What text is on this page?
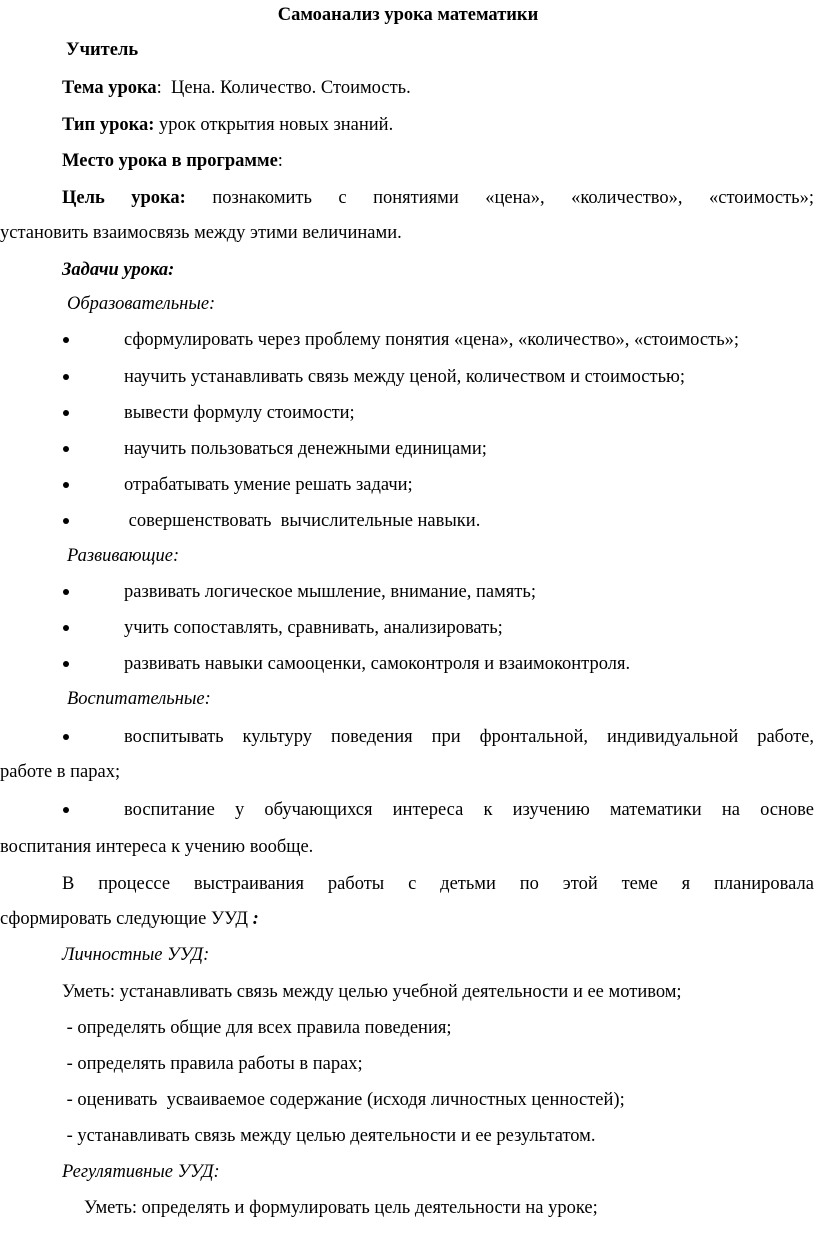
Самоанализ урока математики
Учитель
Тема урока: Цена. Количество. Стоимость.
Тип урока: урок открытия новых знаний.
Место урока в программе:
Цель урока: познакомить с понятиями «цена», «количество», «стоимость»;
установить взаимосвязь между этими величинами.
Задачи урока:
Образовательные:
сформулировать через проблему понятия «цена», «количество», «стоимость»;
научить устанавливать связь между ценой, количеством и стоимостью;
вывести формулу стоимости;
научить пользоваться денежными единицами;
отрабатывать умение решать задачи;
совершенствовать  вычислительные навыки.
Развивающие:
развивать логическое мышление, внимание, память;
учить сопоставлять, сравнивать, анализировать;
развивать навыки самооценки, самоконтроля и взаимоконтроля.
Воспитательные:
воспитывать культуру поведения при фронтальной, индивидуальной работе,
работе в парах;
воспитание у обучающихся интереса к изучению математики на основе
воспитания интереса к учению вообще.
В процессе выстраивания работы с детьми по этой теме я планировала
сформировать следующие УУД :
Личностные УУД:
Уметь: устанавливать связь между целью учебной деятельности и ее мотивом;
- определять общие для всех правила поведения;
- определять правила работы в парах;
- оценивать  усваиваемое содержание (исходя личностных ценностей);
- устанавливать связь между целью деятельности и ее результатом.
Регулятивные УУД:
Уметь: определять и формулировать цель деятельности на уроке;
